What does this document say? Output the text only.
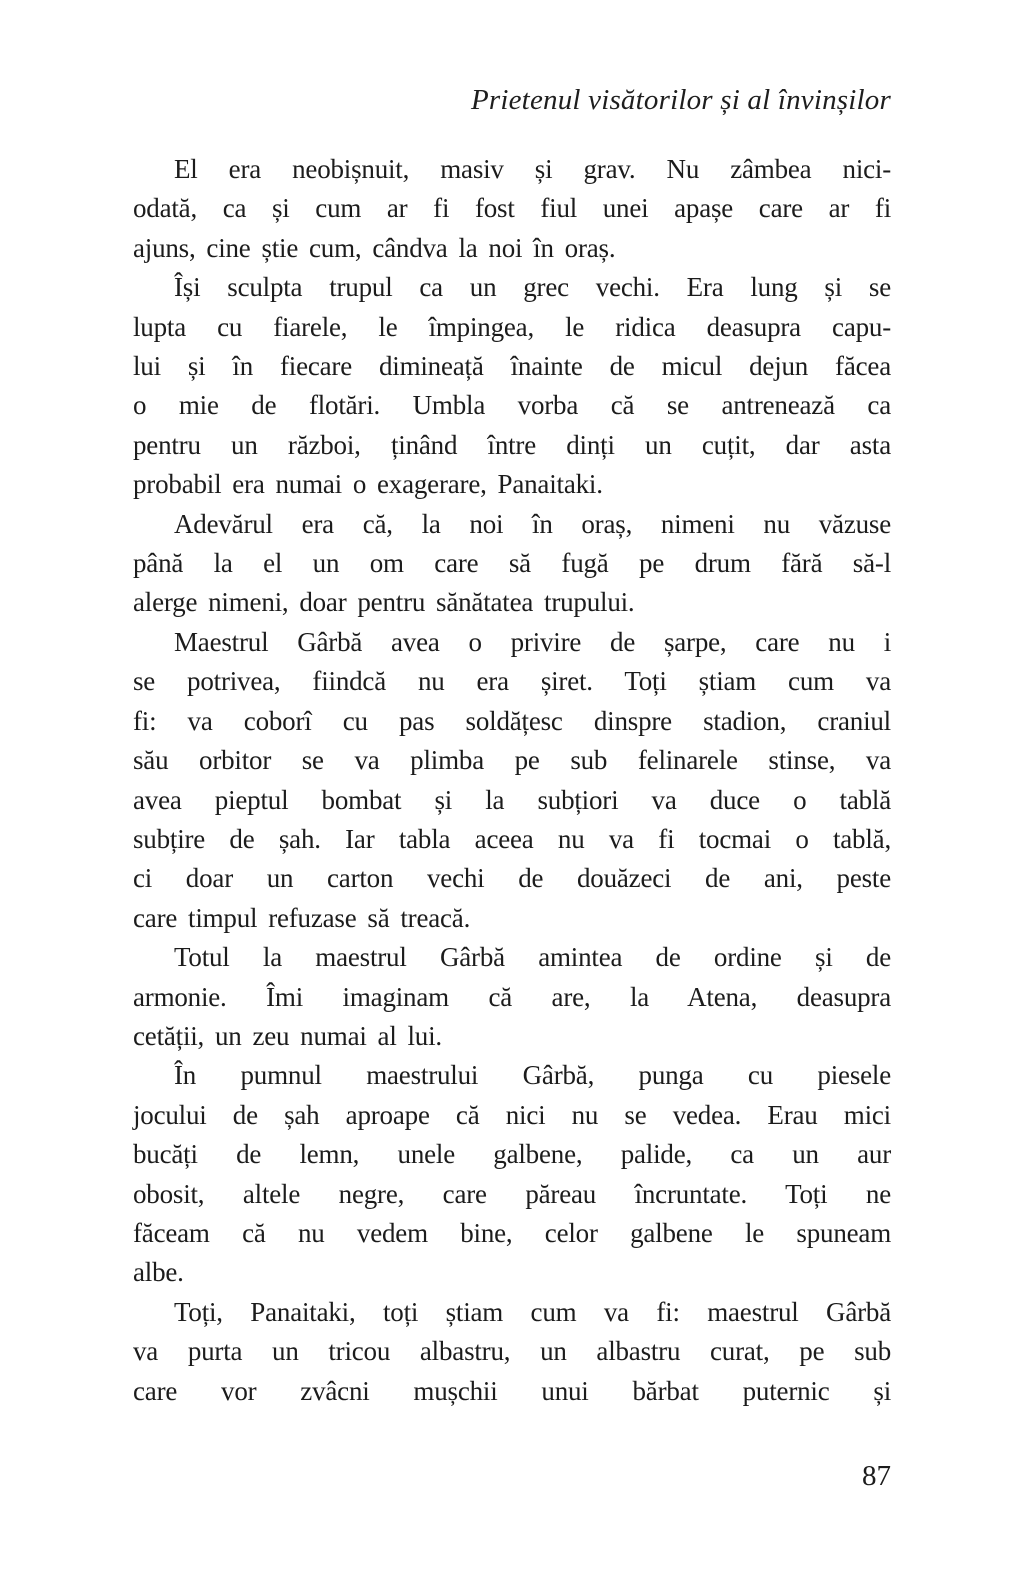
Prietenul visătorilor și al învinșilor
El era neobișnuit, masiv și grav. Nu zâmbea nici-
odată, ca și cum ar fi fost fiul unei apașe care ar fi
ajuns, cine știe cum, cândva la noi în oraș.
Își sculpta trupul ca un grec vechi. Era lung și se
lupta cu fiarele, le împingea, le ridica deasupra capu-
lui și în fiecare dimineață înainte de micul dejun făcea
o mie de flotări. Umbla vorba că se antrenează ca
pentru un război, ținând între dinți un cuțit, dar asta
probabil era numai o exagerare, Panaitaki.
Adevărul era că, la noi în oraș, nimeni nu văzuse
până la el un om care să fugă pe drum fără să-l
alerge nimeni, doar pentru sănătatea trupului.
Maestrul Gârbă avea o privire de șarpe, care nu i
se potrivea, fiindcă nu era șiret. Toți știam cum va
fi: va coborî cu pas soldățesc dinspre stadion, craniul
său orbitor se va plimba pe sub felinarele stinse, va
avea pieptul bombat și la subțiori va duce o tablă
subțire de șah. Iar tabla aceea nu va fi tocmai o tablă,
ci doar un carton vechi de douăzeci de ani, peste
care timpul refuzase să treacă.
Totul la maestrul Gârbă amintea de ordine și de
armonie. Îmi imaginam că are, la Atena, deasupra
cetății, un zeu numai al lui.
În pumnul maestrului Gârbă, punga cu piesele
jocului de șah aproape că nici nu se vedea. Erau mici
bucăți de lemn, unele galbene, palide, ca un aur
obosit, altele negre, care păreau încruntate. Toți ne
făceam că nu vedem bine, celor galbene le spuneam
albe.
Toți, Panaitaki, toți știam cum va fi: maestrul Gârbă
va purta un tricou albastru, un albastru curat, pe sub
care vor zvâcni mușchii unui bărbat puternic și
87
